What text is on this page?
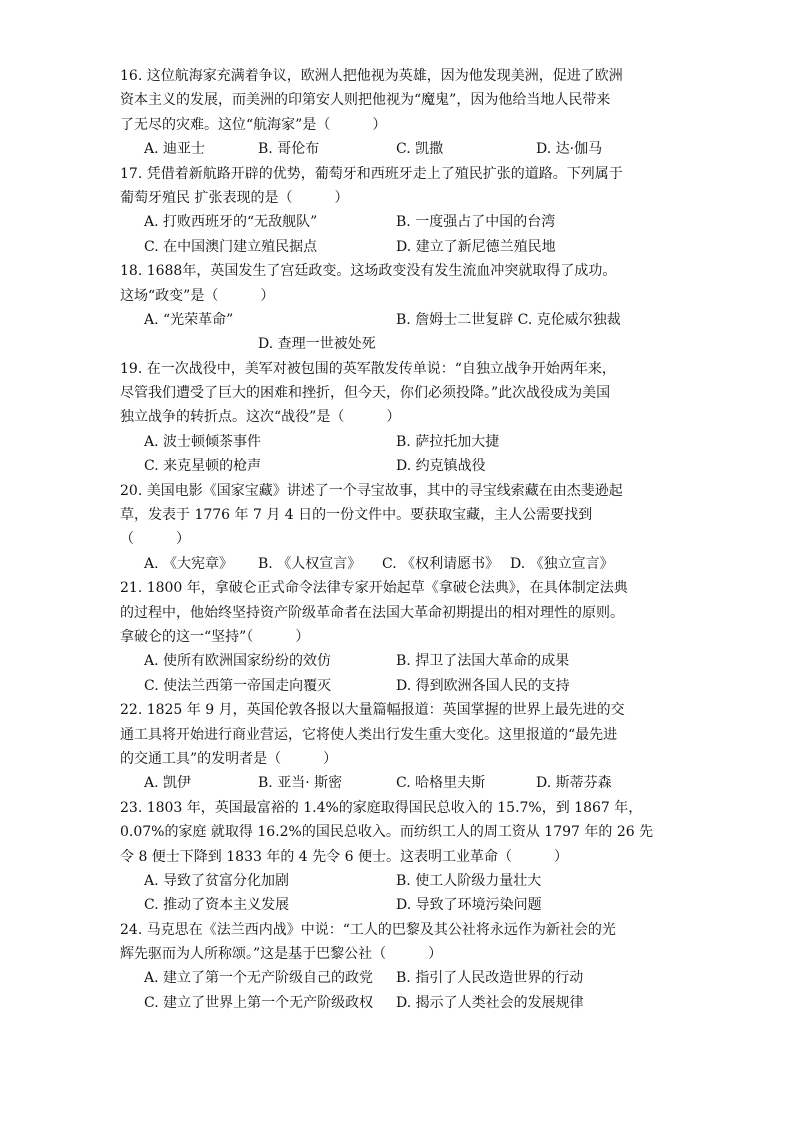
16. 这位航海家充满着争议，欧洲人把他视为英雄，因为他发现美洲，促进了欧洲
资本主义的发展，而美洲的印第安人则把他视为“魔鬼”，因为他给当地人民带来
了无尽的灾难。这位“航海家”是（　　　）
A. 迪亚士	B. 哥伦布	C. 凯撒	D. 达·伽马
17. 凭借着新航路开辟的优势，葡萄牙和西班牙走上了殖民扩张的道路。下列属于
葡萄牙殖民 扩张表现的是（　　　）
A. 打败西班牙的“无敌舰队”	B. 一度强占了中国的台湾
C. 在中国澳门建立殖民据点	D. 建立了新尼德兰殖民地
18. 1688年，英国发生了宫廷政变。这场政变没有发生流血冲突就取得了成功。
这场“政变”是（　　　）
A. “光荣革命”	B. 詹姆士二世复辟 C. 克伦威尔独裁
D. 查理一世被处死
19. 在一次战役中，美军对被包围的英军散发传单说：“自独立战争开始两年来，
尽管我们遭受了巨大的困难和挫折，但今天，你们必须投降。”此次战役成为美国
独立战争的转折点。这次“战役”是（　　　）
A. 波士顿倾茶事件	B. 萨拉托加大捷
C. 来克星顿的枪声	D. 约克镇战役
20. 美国电影《国家宝藏》讲述了一个寻宝故事，其中的寻宝线索藏在由杰斐逊起
草，发表于 1776 年 7 月 4 日的一份文件中。要获取宝藏，主人公需要找到
（　　　）
A. 《大宪章》 B. 《人权宣言》 C. 《权利请愿书》 D. 《独立宣言》
21. 1800 年，拿破仑正式命令法律专家开始起草《拿破仑法典》，在具体制定法典
的过程中，他始终坚持资产阶级革命者在法国大革命初期提出的相对理性的原则。
拿破仑的这一“坚持”（　　　）
A. 使所有欧洲国家纷纷的效仿	B. 捍卫了法国大革命的成果
C. 使法兰西第一帝国走向覆灭	D. 得到欧洲各国人民的支持
22. 1825 年 9 月，英国伦敦各报以大量篇幅报道：英国掌握的世界上最先进的交
通工具将开始进行商业营运，它将使人类出行发生重大变化。这里报道的“最先进
的交通工具”的发明者是（　　　）
A. 凯伊	B. 亚当· 斯密	C. 哈格里夫斯	D. 斯蒂芬森
23. 1803 年，英国最富裕的 1.4%的家庭取得国民总收入的 15.7%，到 1867 年，
0.07%的家庭 就取得 16.2%的国民总收入。而纺织工人的周工资从 1797 年的 26 先
令 8 便士下降到 1833 年的 4 先令 6 便士。这表明工业革命（　　　）
A. 导致了贫富分化加剧	B. 使工人阶级力量壮大
C. 推动了资本主义发展	D. 导致了环境污染问题
24. 马克思在《法兰西内战》中说：“工人的巴黎及其公社将永远作为新社会的光
辉先驱而为人所称颂。”这是基于巴黎公社（　　　）
A. 建立了第一个无产阶级自己的政党 B. 指引了人民改造世界的行动
C. 建立了世界上第一个无产阶级政权 D. 揭示了人类社会的发展规律
